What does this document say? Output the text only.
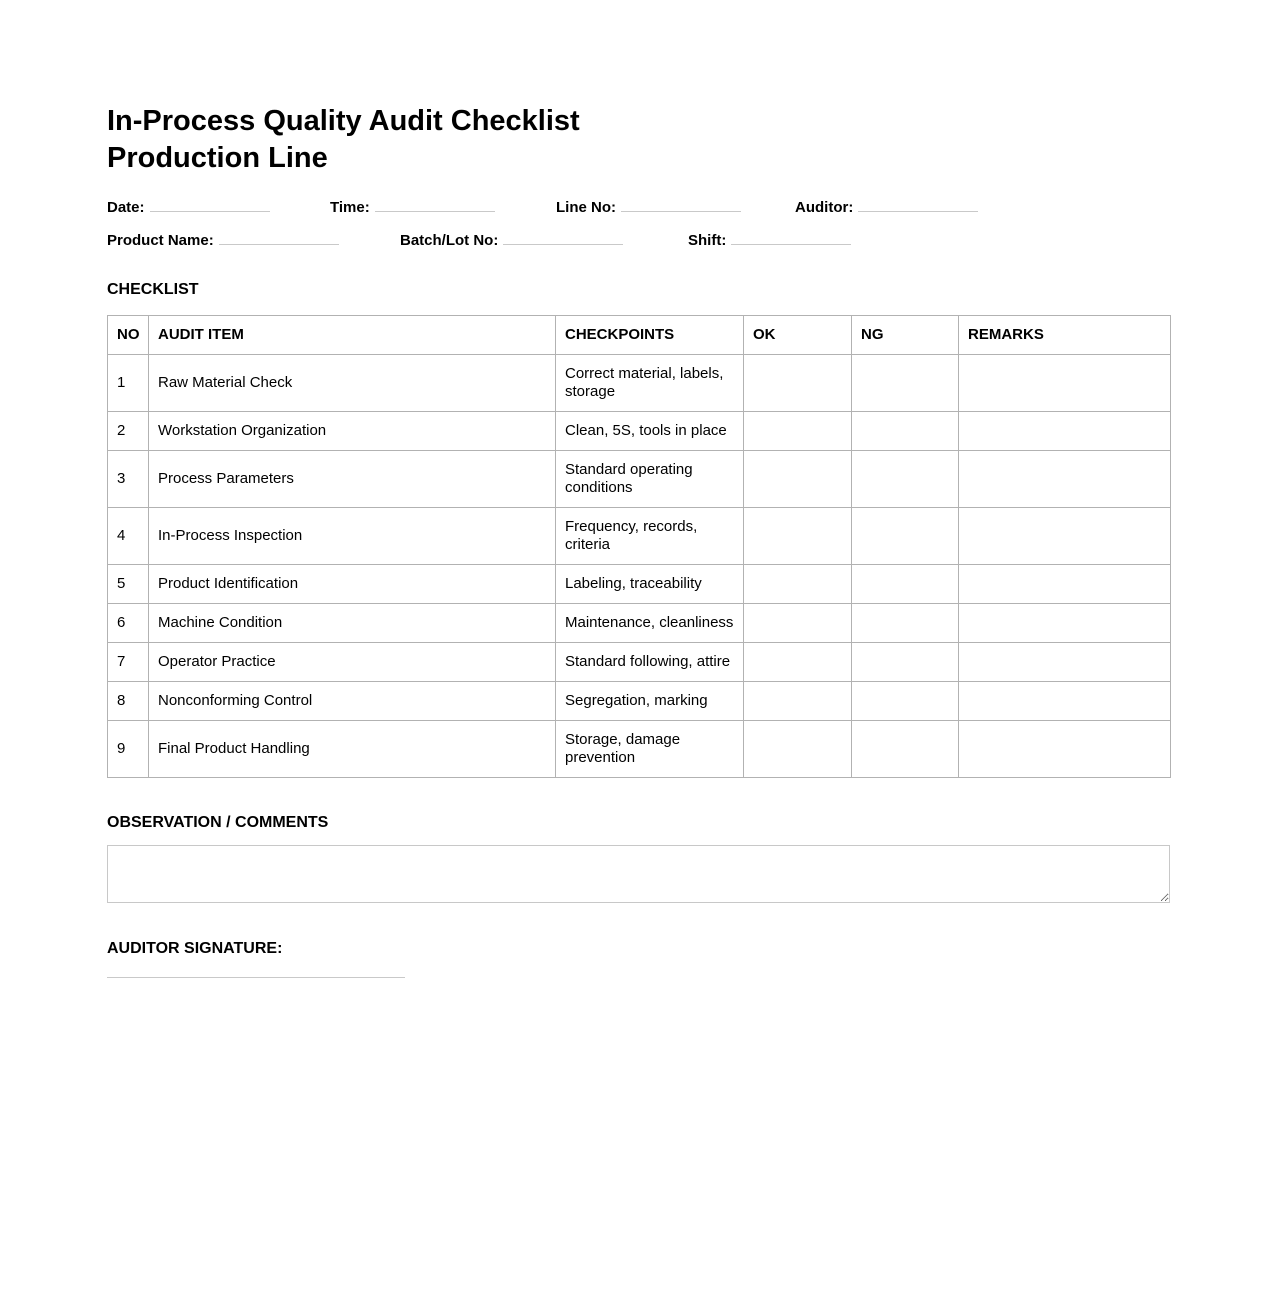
In-Process Quality Audit Checklist
Production Line
Date:	Time:	Line No:	Auditor:
Product Name:	Batch/Lot No:	Shift:
CHECKLIST
NO	AUDIT ITEM	CHECKPOINTS	OK	NG	REMARKS
1	Raw Material Check	Correct material, labels, storage			
2	Workstation Organization	Clean, 5S, tools in place			
3	Process Parameters	Standard operating conditions			
4	In-Process Inspection	Frequency, records, criteria			
5	Product Identification	Labeling, traceability			
6	Machine Condition	Maintenance, cleanliness			
7	Operator Practice	Standard following, attire			
8	Nonconforming Control	Segregation, marking			
9	Final Product Handling	Storage, damage prevention			
OBSERVATION / COMMENTS
AUDITOR SIGNATURE:
